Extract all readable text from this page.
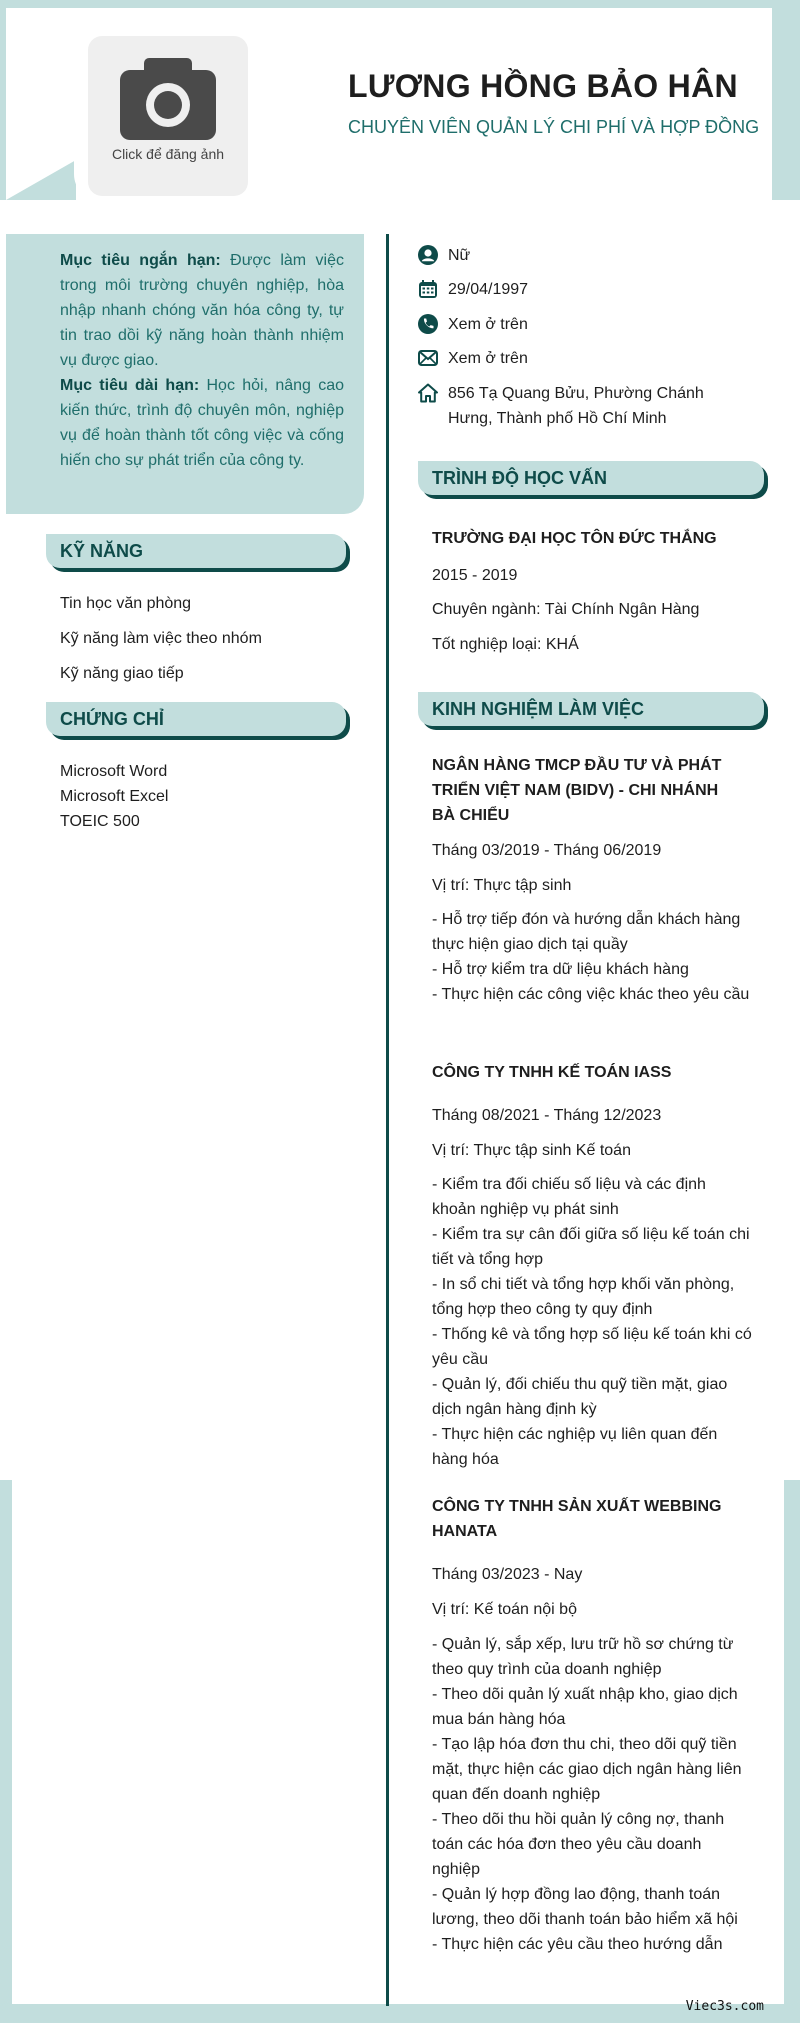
Click để đăng ảnh
LƯƠNG HỒNG BẢO HÂN
CHUYÊN VIÊN QUẢN LÝ CHI PHÍ VÀ HỢP ĐỒNG

Mục tiêu ngắn hạn: Được làm việc trong môi trường chuyên nghiệp, hòa nhập nhanh chóng văn hóa công ty, tự tin trao dồi kỹ năng hoàn thành nhiệm vụ được giao.

Mục tiêu dài hạn: Học hỏi, nâng cao kiến thức, trình độ chuyên môn, nghiệp vụ để hoàn thành tốt công việc và cống hiến cho sự phát triển của công ty.

KỸ NĂNG
Tin học văn phòng
Kỹ năng làm việc theo nhóm
Kỹ năng giao tiếp
CHỨNG CHỈ
Microsoft Word
Microsoft Excel
TOEIC 500
Nữ
29/04/1997
Xem ở trên
Xem ở trên
856 Tạ Quang Bửu, Phường Chánh Hưng, Thành phố Hồ Chí Minh
TRÌNH ĐỘ HỌC VẤN
TRƯỜNG ĐẠI HỌC TÔN ĐỨC THẮNG
2015 - 2019
Chuyên ngành: Tài Chính Ngân Hàng
Tốt nghiệp loại: KHÁ
KINH NGHIỆM LÀM VIỆC
NGÂN HÀNG TMCP ĐẦU TƯ VÀ PHÁT TRIỂN VIỆT NAM (BIDV) - CHI NHÁNH BÀ CHIỂU
Tháng 03/2019 - Tháng 06/2019
Vị trí: Thực tập sinh
- Hỗ trợ tiếp đón và hướng dẫn khách hàng thực hiện giao dịch tại quầy
- Hỗ trợ kiểm tra dữ liệu khách hàng
- Thực hiện các công việc khác theo yêu cầu
CÔNG TY TNHH KẾ TOÁN IASS
Tháng 08/2021 - Tháng 12/2023
Vị trí: Thực tập sinh Kế toán
- Kiểm tra đối chiếu số liệu và các định khoản nghiệp vụ phát sinh
- Kiểm tra sự cân đối giữa số liệu kế toán chi tiết và tổng hợp
- In sổ chi tiết và tổng hợp khối văn phòng, tổng hợp theo công ty quy định
- Thống kê và tổng hợp số liệu kế toán khi có yêu cầu
- Quản lý, đối chiếu thu quỹ tiền mặt, giao dịch ngân hàng định kỳ
- Thực hiện các nghiệp vụ liên quan đến hàng hóa
CÔNG TY TNHH SẢN XUẤT WEBBING HANATA
Tháng 03/2023 - Nay
Vị trí: Kế toán nội bộ
- Quản lý, sắp xếp, lưu trữ hồ sơ chứng từ theo quy trình của doanh nghiệp
- Theo dõi quản lý xuất nhập kho, giao dịch mua bán hàng hóa
- Tạo lập hóa đơn thu chi, theo dõi quỹ tiền mặt, thực hiện các giao dịch ngân hàng liên quan đến doanh nghiệp
- Theo dõi thu hồi quản lý công nợ, thanh toán các hóa đơn theo yêu cầu doanh nghiệp
- Quản lý hợp đồng lao động, thanh toán lương, theo dõi thanh toán bảo hiểm xã hội
- Thực hiện các yêu cầu theo hướng dẫn
Viec3s.com
